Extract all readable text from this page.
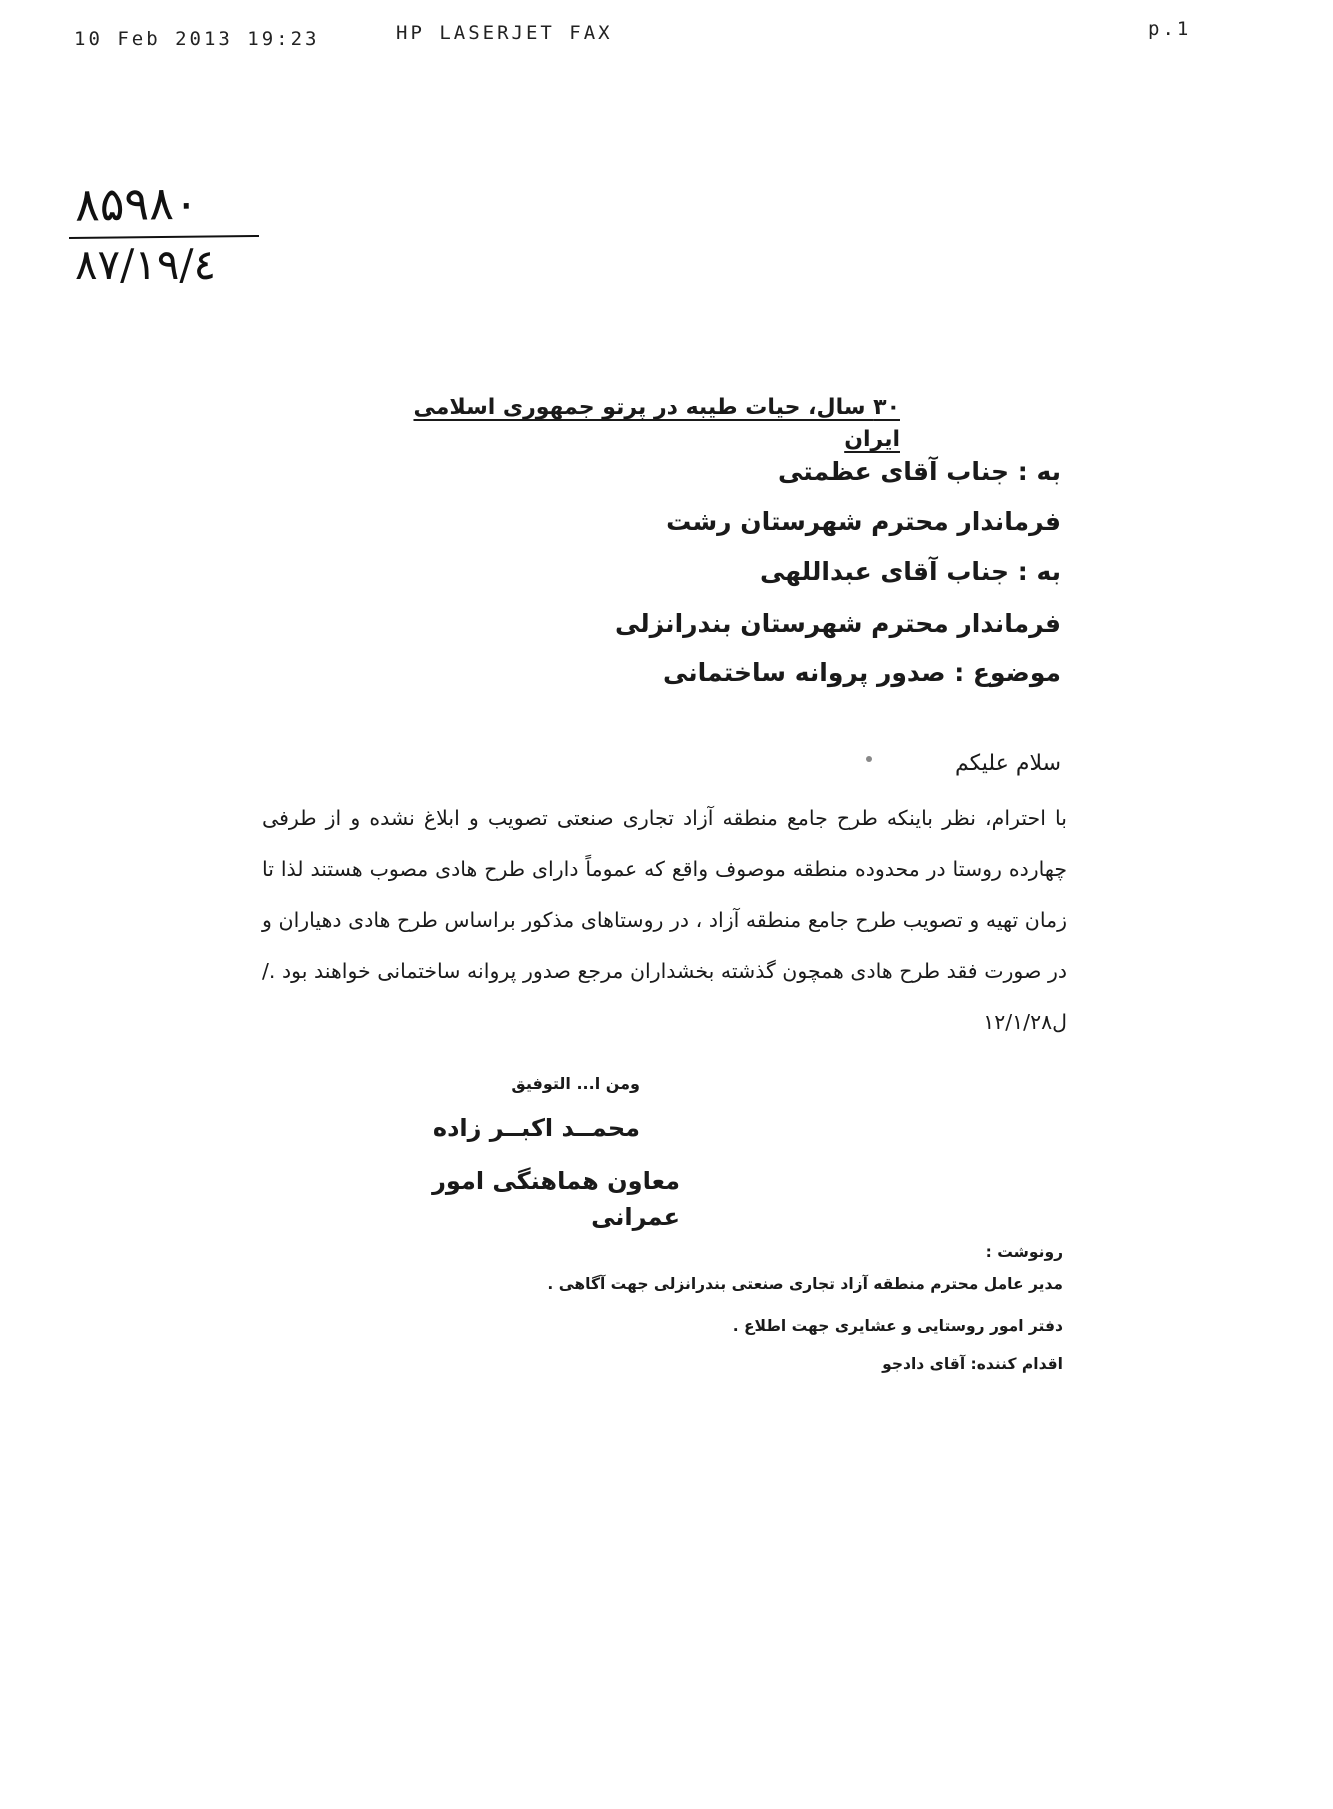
10 Feb 2013 19:23	HP LASERJET FAX	p.1
۸۵۹۸۰
۸۷/۱۹/٤
۳۰ سال، حیات طیبه در پرتو جمهوری اسلامی ایران
به : جناب آقای عظمتی
فرماندار محترم شهرستان رشت
به : جناب آقای عبداللهی
فرماندار محترم شهرستان بندرانزلی
موضوع : صدور پروانه ساختمانی
سلام علیکم
با احترام، نظر باینکه طرح جامع منطقه آزاد تجاری صنعتی تصویب و ابلاغ نشده و از طرفی چهارده روستا در محدوده منطقه موصوف واقع که عموماً دارای طرح هادی مصوب هستند لذا تا زمان تهیه و تصویب طرح جامع منطقه آزاد ، در روستاهای مذکور براساس طرح هادی دهیاران و در صورت فقد طرح هادی همچون گذشته بخشداران مرجع صدور پروانه ساختمانی خواهند بود ./ل۱۲/۱/۲۸
ومن ا... التوفیق
محمــد اکبــر زاده
معاون هماهنگی امور عمرانی
رونوشت :
مدیر عامل محترم منطقه آزاد تجاری صنعتی بندرانزلی جهت آگاهی .
دفتر امور روستایی و عشایری جهت اطلاع .
اقدام کننده: آقای دادجو
